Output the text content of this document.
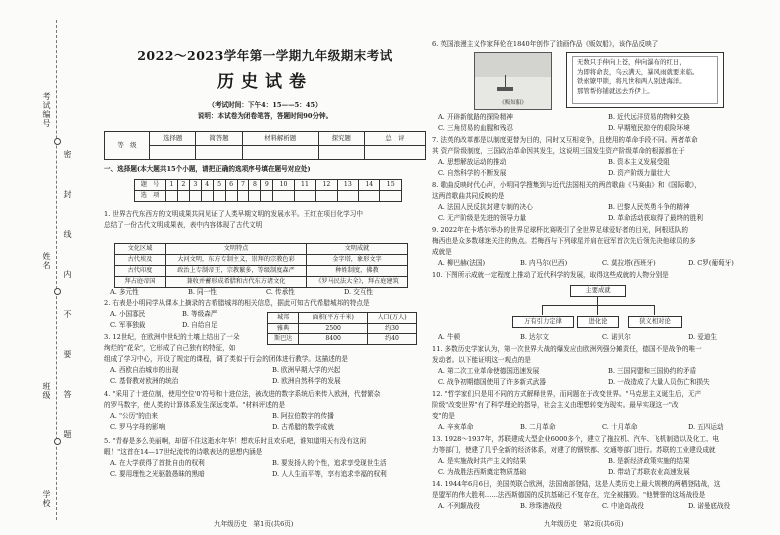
考试编号
姓名
班级
学校
密
封
线
内
不
要
答
题
2022～2023学年第一学期九年级期末考试
历史试卷
（考试时间：下午4：15——5：45）
说明：本试卷为闭卷笔答，答题时间90分钟。
等　级	选择题	简答题	材料解析题	探究题	总　评

一、选择题(本大题共15个小题，请把正确的选项序号填在题号对应处)
题　号	1	2	3	4	5	6	7	8	9	10	11	12	13	14	15
选　项															
1. 世界古代东西方的文明成果共同见证了人类早期文明的发展水平。王红在项目化学习中
总结了一份古代文明成果表，表中内容体现了古代文明
文化区域	文明特点	文明成就
古代埃及	大河文明，东方专制主义，崇拜的宗教色彩	金字塔，象形文字
古代印度	政治上专制帝王，宗教繁多，等级制度森严	种姓制度，佛教
拜占庭帝国	兼收并蓄形成希腊和古代东方诸文化	《罗马民法大全》，拜占庭建筑
A. 多元性	B. 同一性	C. 传承性	D. 交互性
2. 右表是小明同学从课本上摘录的古希腊城邦的相关信息，据此可知古代希腊城邦的特点是
A. 小国寡民	B. 等级森严
C. 军事独裁	D. 自给自足
城邦	面积(平方千米)	人口(万人)
雅典	2500	约30
斯巴达	8400	约40
3. 12世纪，在欧洲中世纪的土壤上结出了一朵
绚烂的"花朵"，它形成了自己独有的特征，如
组成了学习中心，开设了规定的课程，调了类似于行会的团体进行教学。这描述的是
A. 西欧自治城市的出现	B. 欧洲早期大学的兴起
C. 基督教对欧洲的统治	D. 欧洲自然科学的发展
4. "采用了十进位制，使用空位'0'符号和十进位法，被改进的数字系统后来传入欧洲，代替繁杂
的罗马数字，使人类的计算体系发生深远变革。"材料评述的是
A. "公历"的由来	B. 阿拉伯数字的传播
C. 罗马字母的影响	D. 古希腊的数学成就
5. "青春是多么美丽啊，却留不住这逝水年华！想欢乐时且欢乐吧，谁知道明天有没有这闲
暇！"这首在14—17世纪流传的诗歌表达的思想内涵是
A. 在大学获得了首批自由的权利	B. 要发扬人的个性，追求享受现世生活
C. 要用理性之光驱散愚昧的黑暗	D. 人人生而平等，享有追求幸福的权利
九年级历史　第1页(共6页)
6. 英国浪漫主义作家拜伦在1840年创作了油画作品《贩奴船》，该作品反映了
《贩奴船》
无数只手伸向上苍，伸向瀑布的红日，
为即将命丧，乌云满天，暴风雨就要来临。
铁索镣甲锁，将凡世和两人别进海洋。
那管帮你铺就远去乔伊上。
A. 开辟新航路的探险精神	B. 近代远洋贸易的物种交换
C. 三角贸易的血腥和残忍	D. 早期殖民掠夺的艰险环境
7. 法英的改革都是以制度更替为目的，同时又互相竞争，且使用的革命手段不同。两者革命
其 资产阶级制度，三国政治革命因其发生，这说明三国发生资产阶级革命的根源都在于
A. 思想解放运动的推动	B. 资本主义发展受阻
C. 自然科学的不断发展	D. 资产阶级力量壮大
8. 歌曲反映时代心声，小明同学搜集到与近代法国相关的两首歌曲《马赛曲》和《国际歌》，
这两首歌曲共同反映的是
A. 法国人民反抗封建专制的决心	B. 巴黎人民英勇斗争的精神
C. 无产阶级是先进的领导力量	D. 革命活动获取得了最终的胜利
9. 2022年在卡塔尔举办的世界足球杯比赛吸引了全世界足球爱好者的目光，阿根廷队的
梅西也是众多数球迷关注的焦点。若梅西与下列球星并肩在冠军首次先后领先决他球员的多
成就是
A. 柳巴赫(法国)	B. 内马尔(巴西)	C. 莫拉塔(西班牙)	D. C罗(葡萄牙)
10. 下图所示成就一定程度上推动了近代科学的发展，取得这些成就的人物分别是
主要成就
万有引力定律	进化论	狭义相对论
A. 牛顿	B. 达尔文	C. 诺贝尔	D. 爱迪生
11. 多数历史学家认为，第一次世界大战的爆发应由欧洲列强分摊责任，德国不是战争的唯一
发动者。以下能证明这一观点的是
A. 第二次工业革命使德国迅速发展	B. 三国同盟和三国协约的矛盾
C. 战争初期德国使用了许多新式武器	D. 一战造成了大量人员伤亡和损失
12. "哲学家们只是用不同的方式解释世界，而问题在于改变世界。"马克思主义诞生后，无产
阶级"改变世界"有了科学理论的指导，社会主义由理想转变为现实。最早实现这一"改
变"的是
A. 辛亥革命	B. 二月革命	C. 十月革命	D. 五四运动
13. 1928～1937年，苏联建成大型企业6000多个，建立了拖拉机、汽车、飞机制造以及化工、电
力等部门，使建了几乎全新的经济体系，对建了的钢铁都、交通等部门进行。苏联的工业建设成就
A. 是实施战时共产主义的结果	B. 是新经济政策实施的结果
C. 为战胜法西斯奠定物质基础	D. 带动了苏联农业高速发展
14. 1944年6月6日，美国英联合欧洲，法国南部登陆，这是人类历史上最大规模的两栖登陆战，这
是盟军的伟大胜利……法西斯德国的反抗基础已不复存在，完全被摧毁。"他赞誉的这场战役是
A. 不列颠战役	B. 珍珠港战役	C. 中途岛战役	D. 诺曼底战役
九年级历史　第2页(共6页)
